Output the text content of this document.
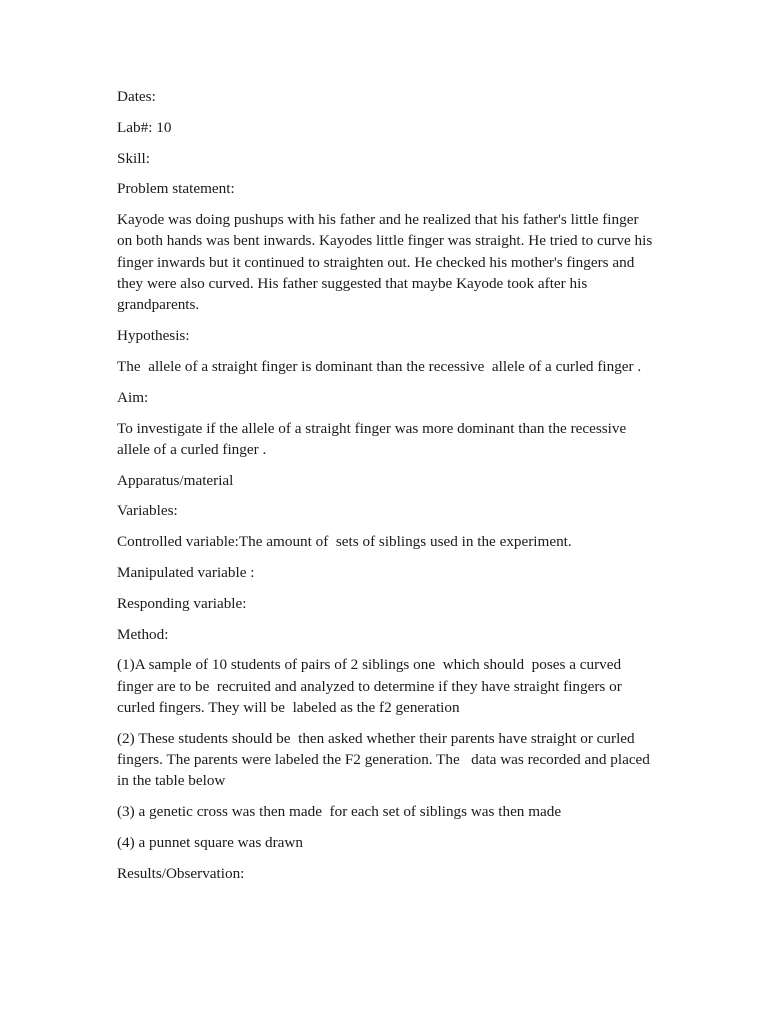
Dates:

Lab#: 10

Skill:

Problem statement:

Kayode was doing pushups with his father and he realized that his father's little finger on both hands was bent inwards. Kayodes little finger was straight. He tried to curve his finger inwards but it continued to straighten out. He checked his mother's fingers and they were also curved. His father suggested that maybe Kayode took after his grandparents.

Hypothesis:

The  allele of a straight finger is dominant than the recessive  allele of a curled finger .

Aim:

To investigate if the allele of a straight finger was more dominant than the recessive  allele of a curled finger .

Apparatus/material

Variables:

Controlled variable:The amount of  sets of siblings used in the experiment.

Manipulated variable :

Responding variable:

Method:

(1)A sample of 10 students of pairs of 2 siblings one  which should  poses a curved finger are to be  recruited and analyzed to determine if they have straight fingers or curled fingers. They will be  labeled as the f2 generation

(2) These students should be  then asked whether their parents have straight or curled fingers. The parents were labeled the F2 generation. The   data was recorded and placed in the table below

(3) a genetic cross was then made  for each set of siblings was then made

(4) a punnet square was drawn

Results/Observation:
